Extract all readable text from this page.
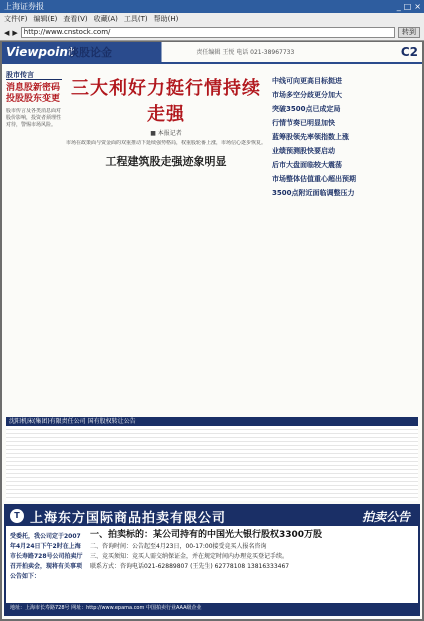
上海证券报	_ □ ×
文件(F) 编辑(E) 查看(V) 收藏(A) 工具(T) 帮助(H)
◀ ▶ http://www.cnstock.com/	转到
Viewpoint
谈股论金	责任编辑 王悦 电话 021-38967733	C2
股市传言
消息股新密码 投股股东变更
股市传言及各类消息面对股价影响，投资者须理性对待，警惕市场风险。
三大利好力挺行情持续走强
■ 本报记者
市场在政策面与资金面的双重推动下延续强势格局，权重股轮番上涨，市场信心逐步恢复。
工程建筑股走强迹象明显
中线可向更高目标挺进
市场多空分歧更分加大
突破3500点已成定局
行情节奏已明显加快
蓝筹股领先率领指数上涨
业绩预测股快要启动
后市大盘面临较大震荡
市场整体估值重心超出预期
3500点附近面临调整压力
沈阳机床(集团)有限责任公司 国有股权转让公告
T 上海东方国际商品拍卖有限公司	拍卖公告
受委托，我公司定于2007年4月24日下午2时在上海市长寿路728号公司拍卖厅召开拍卖会，现将有关事项公告如下：
一、拍卖标的：某公司持有的中国光大银行股权3300万股
二、咨询时间：公告起至4月23日，00-17:00接受竞买人报名咨询
三、竞买须知：竞买人需交纳保证金，并在规定时间内办理竞买登记手续。
联系方式：咨询电话021-62889807 (王先生) 62778108 13816333467
地址：上海市长寿路728号 网址：http://www.epama.com 中国拍卖行业AAA级企业
